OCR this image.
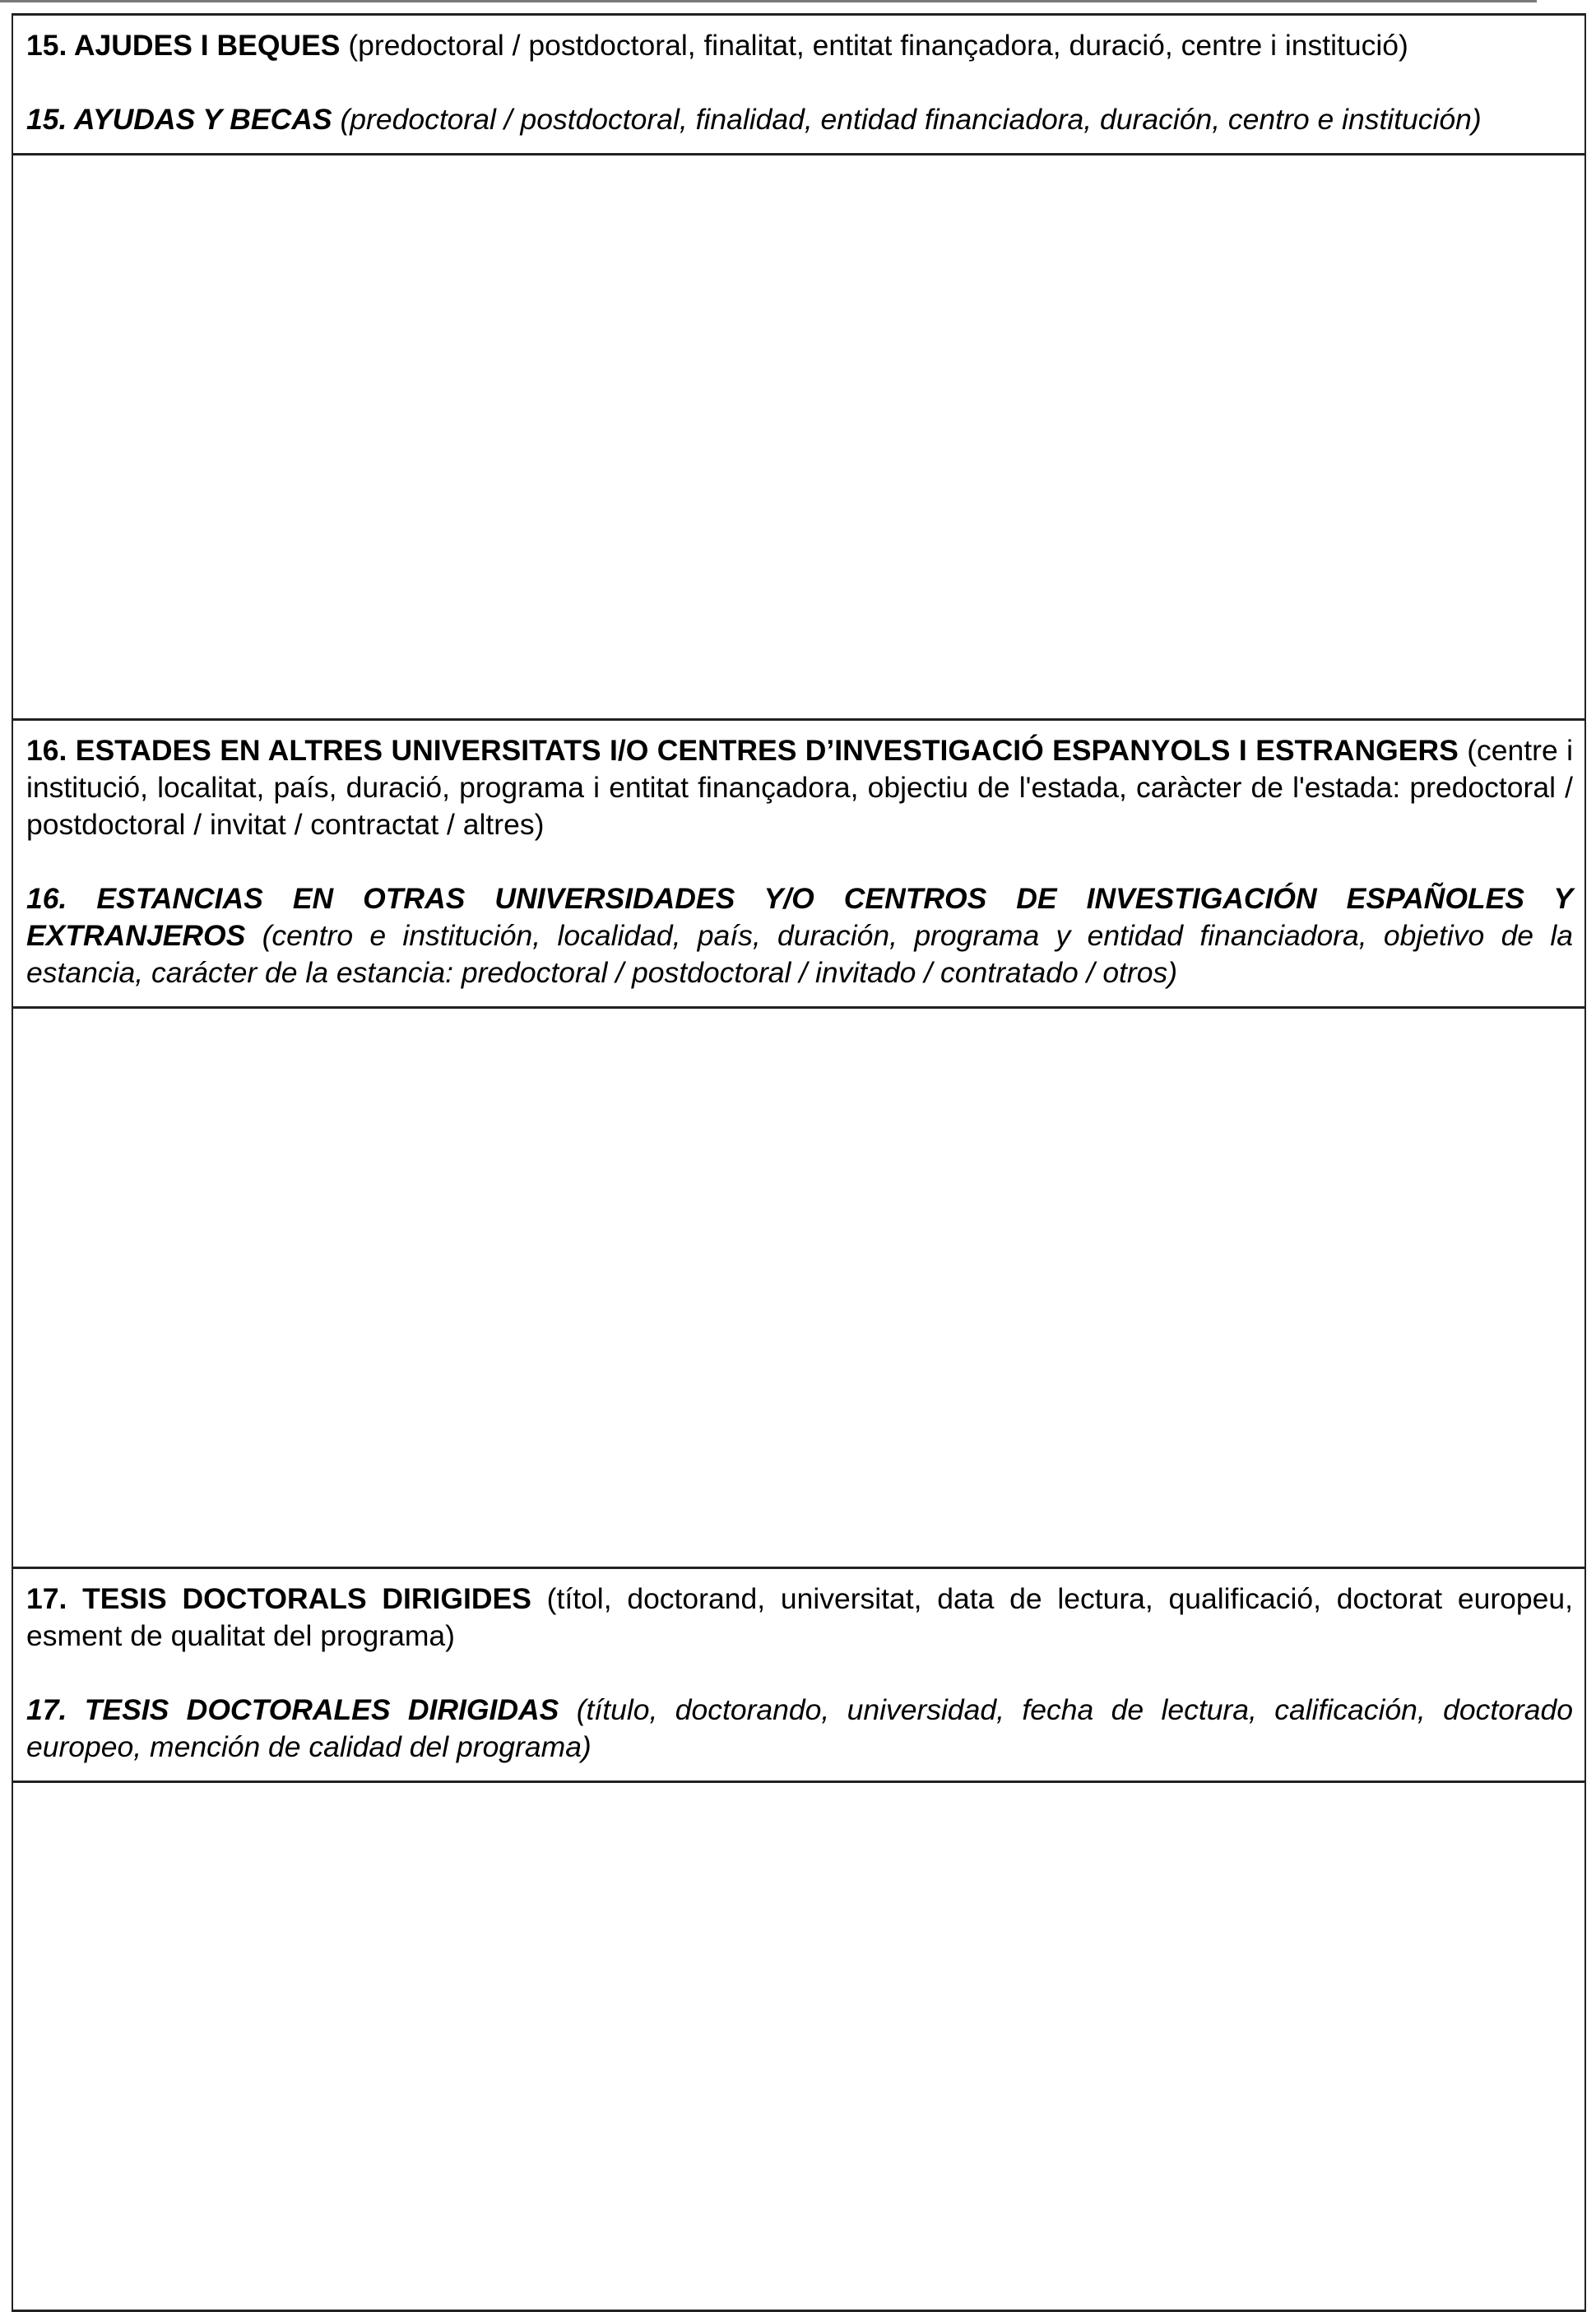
15. AJUDES I BEQUES (predoctoral / postdoctoral, finalitat, entitat finançadora, duració, centre i institució)

15. AYUDAS Y BECAS (predoctoral / postdoctoral, finalidad, entidad financiadora, duración, centro e institución)

16. ESTADES EN ALTRES UNIVERSITATS I/O CENTRES D’INVESTIGACIÓ ESPANYOLS I ESTRANGERS (centre i institució, localitat, país, duració, programa i entitat finançadora, objectiu de l'estada, caràcter de l'estada: predoctoral / postdoctoral / invitat / contractat / altres)

16. ESTANCIAS EN OTRAS UNIVERSIDADES Y/O CENTROS DE INVESTIGACIÓN ESPAÑOLES Y EXTRANJEROS (centro e institución, localidad, país, duración, programa y entidad financiadora, objetivo de la estancia, carácter de la estancia: predoctoral / postdoctoral / invitado / contratado / otros)

17. TESIS DOCTORALS DIRIGIDES (títol, doctorand, universitat, data de lectura, qualificació, doctorat europeu, esment de qualitat del programa)

17. TESIS DOCTORALES DIRIGIDAS (título, doctorando, universidad, fecha de lectura, calificación, doctorado europeo, mención de calidad del programa)
